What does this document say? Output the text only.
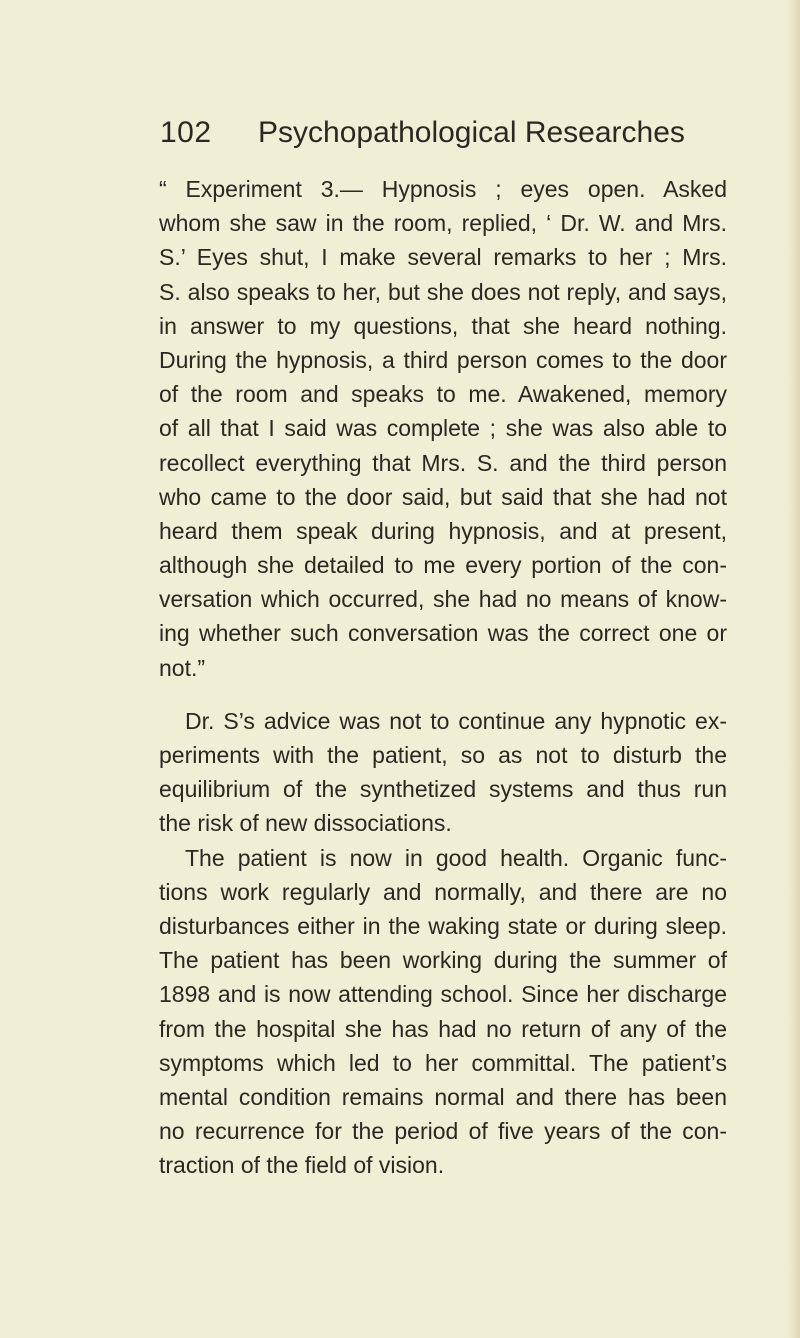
102 Psychopathological Researches
“ Experiment 3.— Hypnosis ; eyes open. Asked
whom she saw in the room, replied, ‘ Dr. W. and Mrs.
S.’ Eyes shut, I make several remarks to her ; Mrs.
S. also speaks to her, but she does not reply, and says,
in answer to my questions, that she heard nothing.
During the hypnosis, a third person comes to the door
of the room and speaks to me. Awakened, memory
of all that I said was complete ; she was also able to
recollect everything that Mrs. S. and the third person
who came to the door said, but said that she had not
heard them speak during hypnosis, and at present,
although she detailed to me every portion of the con-
versation which occurred, she had no means of know-
ing whether such conversation was the correct one or
not.”
Dr. S’s advice was not to continue any hypnotic ex-
periments with the patient, so as not to disturb the
equilibrium of the synthetized systems and thus run
the risk of new dissociations.
The patient is now in good health. Organic func-
tions work regularly and normally, and there are no
disturbances either in the waking state or during sleep.
The patient has been working during the summer of
1898 and is now attending school. Since her discharge
from the hospital she has had no return of any of the
symptoms which led to her committal. The patient’s
mental condition remains normal and there has been
no recurrence for the period of five years of the con-
traction of the field of vision.
